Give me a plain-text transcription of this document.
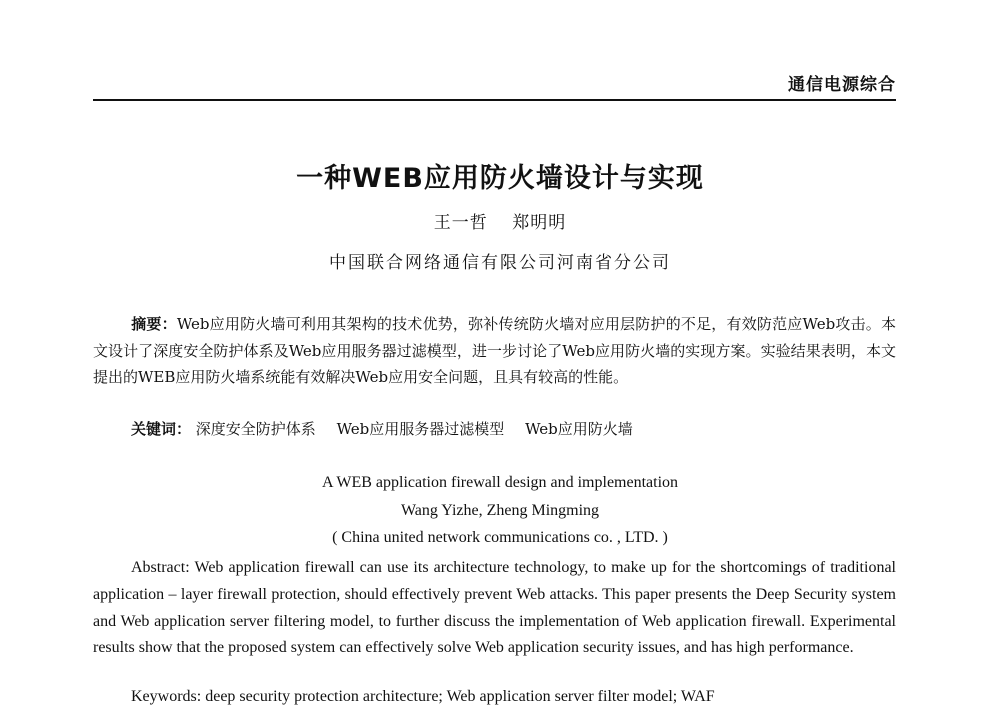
通信电源综合
一种WEB应用防火墙设计与实现
王一哲 郑明明
中国联合网络通信有限公司河南省分公司
摘要：Web应用防火墙可利用其架构的技术优势，弥补传统防火墙对应用层防护的不足，有效防范应Web攻击。本文设计了深度安全防护体系及Web应用服务器过滤模型，进一步讨论了Web应用防火墙的实现方案。实验结果表明，本文提出的WEB应用防火墙系统能有效解决Web应用安全问题，且具有较高的性能。
关键词： 深度安全防护体系 Web应用服务器过滤模型 Web应用防火墙
A WEB application firewall design and implementation
Wang Yizhe, Zheng Mingming
( China united network communications co. , LTD. )
Abstract: Web application firewall can use its architecture technology, to make up for the shortcomings of traditional application – layer firewall protection, should effectively prevent Web attacks. This paper presents the Deep Security system and Web application server filtering model, to further discuss the implementation of Web application firewall. Experimental results show that the proposed system can effectively solve Web application security issues, and has high performance.
Keywords: deep security protection architecture; Web application server filter model; WAF
